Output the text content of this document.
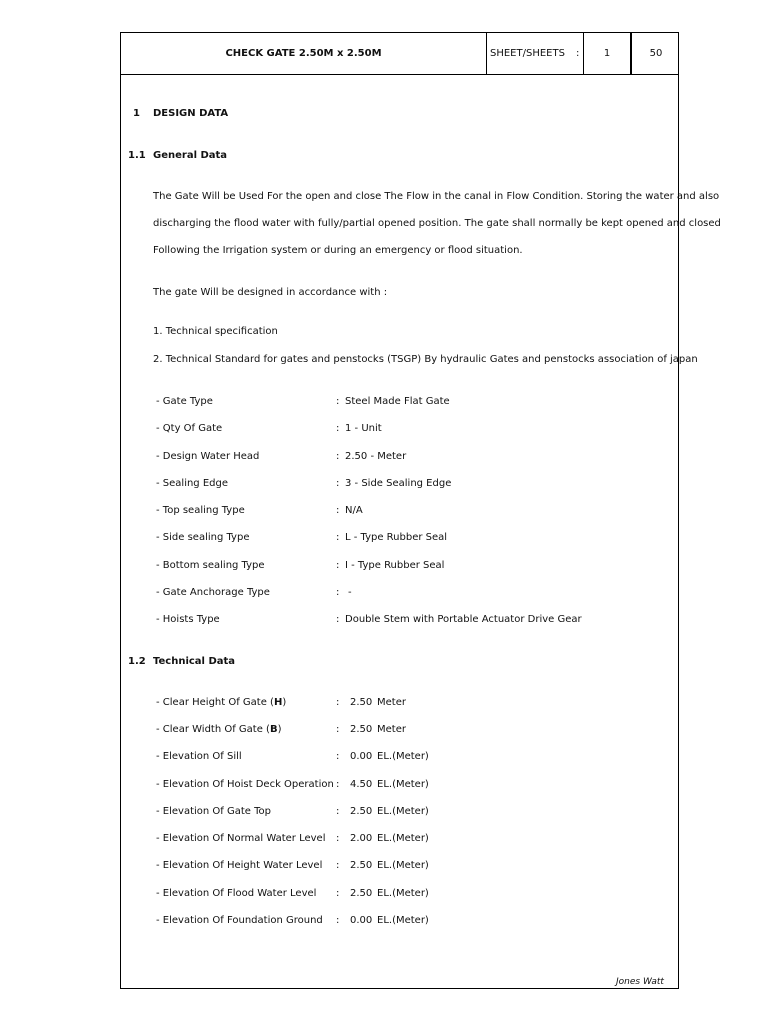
CHECK GATE 2.50M x 2.50M	SHEET/SHEETS	:	1	50
1 DESIGN DATA
1.1 General Data
The Gate Will be Used For the open and close The Flow in the canal in Flow Condition. Storing the water and also
discharging the flood water with fully/partial opened position. The gate shall normally be kept opened and closed
Following the Irrigation system or during an emergency or flood situation.
The gate Will be designed in accordance with :
1. Technical specification
2. Technical Standard for gates and penstocks (TSGP) By hydraulic Gates and penstocks association of japan
- Gate Type	: Steel Made Flat Gate
- Qty Of Gate	: 1 - Unit
- Design Water Head	: 2.50 - Meter
- Sealing Edge	: 3 - Side Sealing Edge
- Top sealing Type	: N/A
- Side sealing Type	: L - Type Rubber Seal
- Bottom sealing Type	: I - Type Rubber Seal
- Gate Anchorage Type	: -
- Hoists Type	: Double Stem with Portable Actuator Drive Gear
1.2 Technical Data
- Clear Height Of Gate (H)	: 2.50 Meter
- Clear Width Of Gate (B)	: 2.50 Meter
- Elevation Of Sill	: 0.00 EL.(Meter)
- Elevation Of Hoist Deck Operation : 4.50 EL.(Meter)
- Elevation Of Gate Top	: 2.50 EL.(Meter)
- Elevation Of Normal Water Level : 2.00 EL.(Meter)
- Elevation Of Height Water Level : 2.50 EL.(Meter)
- Elevation Of Flood Water Level : 2.50 EL.(Meter)
- Elevation Of Foundation Ground : 0.00 EL.(Meter)
Jones Watt
